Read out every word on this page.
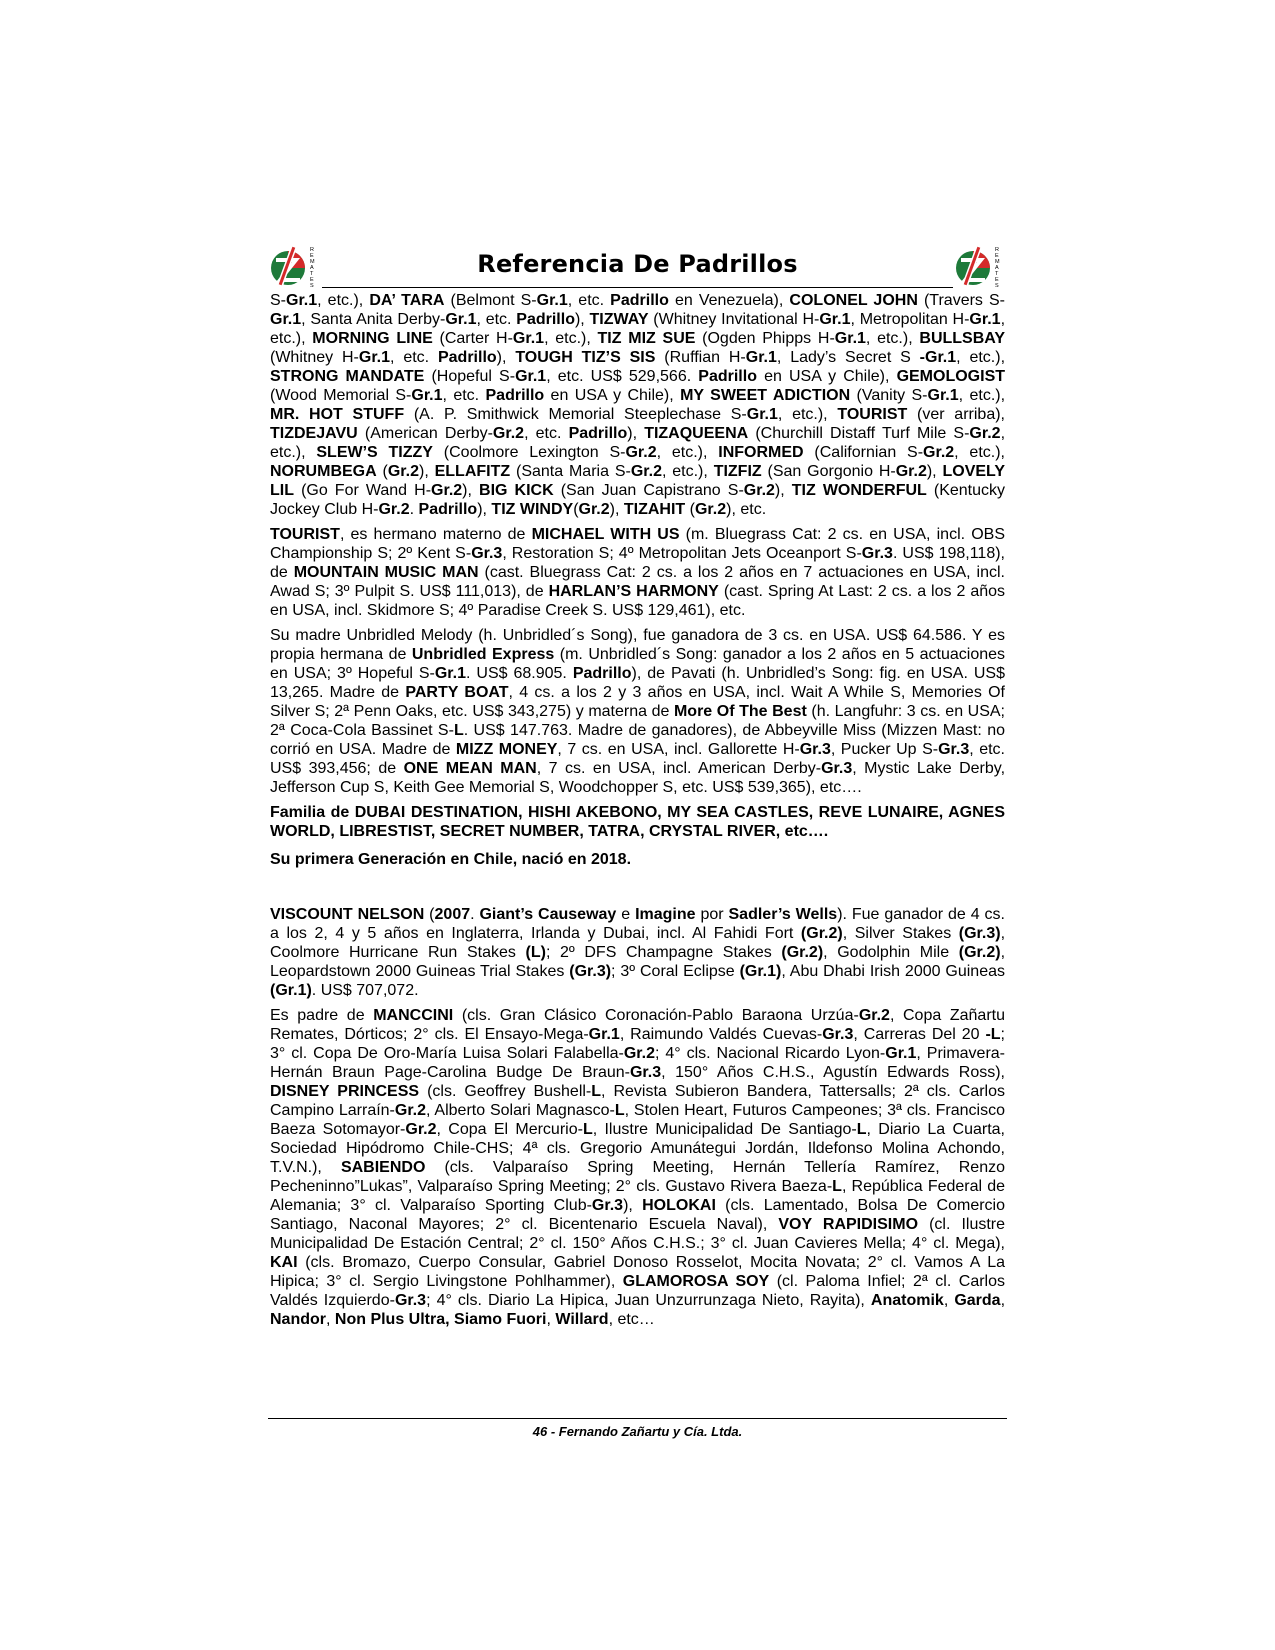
R
E
M
A
T
E
S
Referencia De Padrillos	R
E
M
A
T
E
S

S-Gr.1, etc.), DA’ TARA (Belmont S-Gr.1, etc. Padrillo en Venezuela), COLONEL JOHN (Travers S-Gr.1, Santa Anita Derby-Gr.1, etc. Padrillo), TIZWAY (Whitney Invitational H-Gr.1, Metropolitan H-Gr.1, etc.), MORNING LINE (Carter H-Gr.1, etc.), TIZ MIZ SUE (Ogden Phipps H-Gr.1, etc.), BULLSBAY (Whitney H-Gr.1, etc. Padrillo), TOUGH TIZ’S SIS (Ruffian H-Gr.1, Lady’s Secret S -Gr.1, etc.), STRONG MANDATE (Hopeful S-Gr.1, etc. US$ 529,566. Padrillo en USA y Chile), GEMOLOGIST (Wood Memorial S-Gr.1, etc. Padrillo en USA y Chile), MY SWEET ADICTION (Vanity S-Gr.1, etc.), MR. HOT STUFF (A. P. Smithwick Memorial Steeplechase S-Gr.1, etc.), TOURIST (ver arriba), TIZDEJAVU (American Derby-Gr.2, etc. Padrillo), TIZAQUEENA (Churchill Distaff Turf Mile S-Gr.2, etc.), SLEW’S TIZZY (Coolmore Lexington S-Gr.2, etc.), INFORMED (Californian S-Gr.2, etc.), NORUMBEGA (Gr.2), ELLAFITZ (Santa Maria S-Gr.2, etc.), TIZFIZ (San Gorgonio H-Gr.2), LOVELY LIL (Go For Wand H-Gr.2), BIG KICK (San Juan Capistrano S-Gr.2), TIZ WONDERFUL (Kentucky Jockey Club H-Gr.2. Padrillo), TIZ WINDY(Gr.2), TIZAHIT (Gr.2), etc.

TOURIST, es hermano materno de MICHAEL WITH US (m. Bluegrass Cat: 2 cs. en USA, incl. OBS Championship S; 2º Kent S-Gr.3, Restoration S; 4º Metropolitan Jets Oceanport S-Gr.3. US$ 198,118), de MOUNTAIN MUSIC MAN (cast. Bluegrass Cat: 2 cs. a los 2 años en 7 actuaciones en USA, incl. Awad S; 3º Pulpit S. US$ 111,013), de HARLAN’S HARMONY (cast. Spring At Last: 2 cs. a los 2 años en USA, incl. Skidmore S; 4º Paradise Creek S. US$ 129,461), etc.

Su madre Unbridled Melody (h. Unbridled´s Song), fue ganadora de 3 cs. en USA. US$ 64.586. Y es propia hermana de Unbridled Express (m. Unbridled´s Song: ganador a los 2 años en 5 actuaciones en USA; 3º Hopeful S-Gr.1. US$ 68.905. Padrillo), de Pavati (h. Unbridled’s Song: fig. en USA. US$ 13,265. Madre de PARTY BOAT, 4 cs. a los 2 y 3 años en USA, incl. Wait A While S, Memories Of Silver S; 2ª Penn Oaks, etc. US$ 343,275) y materna de More Of The Best (h. Langfuhr: 3 cs. en USA; 2ª Coca-Cola Bassinet S-L. US$ 147.763. Madre de ganadores), de Abbeyville Miss (Mizzen Mast: no corrió en USA. Madre de MIZZ MONEY, 7 cs. en USA, incl. Gallorette H-Gr.3, Pucker Up S-Gr.3, etc. US$ 393,456; de ONE MEAN MAN, 7 cs. en USA, incl. American Derby-Gr.3, Mystic Lake Derby, Jefferson Cup S, Keith Gee Memorial S, Woodchopper S, etc. US$ 539,365), etc….

Familia de DUBAI DESTINATION, HISHI AKEBONO, MY SEA CASTLES, REVE LUNAIRE, AGNES WORLD, LIBRESTIST, SECRET NUMBER, TATRA, CRYSTAL RIVER, etc….

Su primera Generación en Chile, nació en 2018.

VISCOUNT NELSON (2007. Giant’s Causeway e Imagine por Sadler’s Wells). Fue ganador de 4 cs. a los 2, 4 y 5 años en Inglaterra, Irlanda y Dubai, incl. Al Fahidi Fort (Gr.2), Silver Stakes (Gr.3), Coolmore Hurricane Run Stakes (L); 2º DFS Champagne Stakes (Gr.2), Godolphin Mile (Gr.2), Leopardstown 2000 Guineas Trial Stakes (Gr.3); 3º Coral Eclipse (Gr.1), Abu Dhabi Irish 2000 Guineas (Gr.1). US$ 707,072.

Es padre de MANCCINI (cls. Gran Clásico Coronación-Pablo Baraona Urzúa-Gr.2, Copa Zañartu Remates, Dórticos; 2° cls. El Ensayo-Mega-Gr.1, Raimundo Valdés Cuevas-Gr.3, Carreras Del 20 -L; 3° cl. Copa De Oro-María Luisa Solari Falabella-Gr.2; 4° cls. Nacional Ricardo Lyon-Gr.1, Primavera-Hernán Braun Page-Carolina Budge De Braun-Gr.3, 150° Años C.H.S., Agustín Edwards Ross), DISNEY PRINCESS (cls. Geoffrey Bushell-L, Revista Subieron Bandera, Tattersalls; 2ª cls. Carlos Campino Larraín-Gr.2, Alberto Solari Magnasco-L, Stolen Heart, Futuros Campeones; 3ª cls. Francisco Baeza Sotomayor-Gr.2, Copa El Mercurio-L, Ilustre Municipalidad De Santiago-L, Diario La Cuarta, Sociedad Hipódromo Chile-CHS; 4ª cls. Gregorio Amunátegui Jordán, Ildefonso Molina Achondo, T.V.N.), SABIENDO (cls. Valparaíso Spring Meeting, Hernán Tellería Ramírez, Renzo Pecheninno”Lukas”, Valparaíso Spring Meeting; 2° cls. Gustavo Rivera Baeza-L, República Federal de Alemania; 3° cl. Valparaíso Sporting Club-Gr.3), HOLOKAI (cls. Lamentado, Bolsa De Comercio Santiago, Naconal Mayores; 2° cl. Bicentenario Escuela Naval), VOY RAPIDISIMO (cl. Ilustre Municipalidad De Estación Central; 2° cl. 150° Años C.H.S.; 3° cl. Juan Cavieres Mella; 4° cl. Mega), KAI (cls. Bromazo, Cuerpo Consular, Gabriel Donoso Rosselot, Mocita Novata; 2° cl. Vamos A La Hipica; 3° cl. Sergio Livingstone Pohlhammer), GLAMOROSA SOY (cl. Paloma Infiel; 2ª cl. Carlos Valdés Izquierdo-Gr.3; 4° cls. Diario La Hipica, Juan Unzurrunzaga Nieto, Rayita), Anatomik, Garda, Nandor, Non Plus Ultra, Siamo Fuori, Willard, etc…

46 - Fernando Zañartu y Cía. Ltda.
